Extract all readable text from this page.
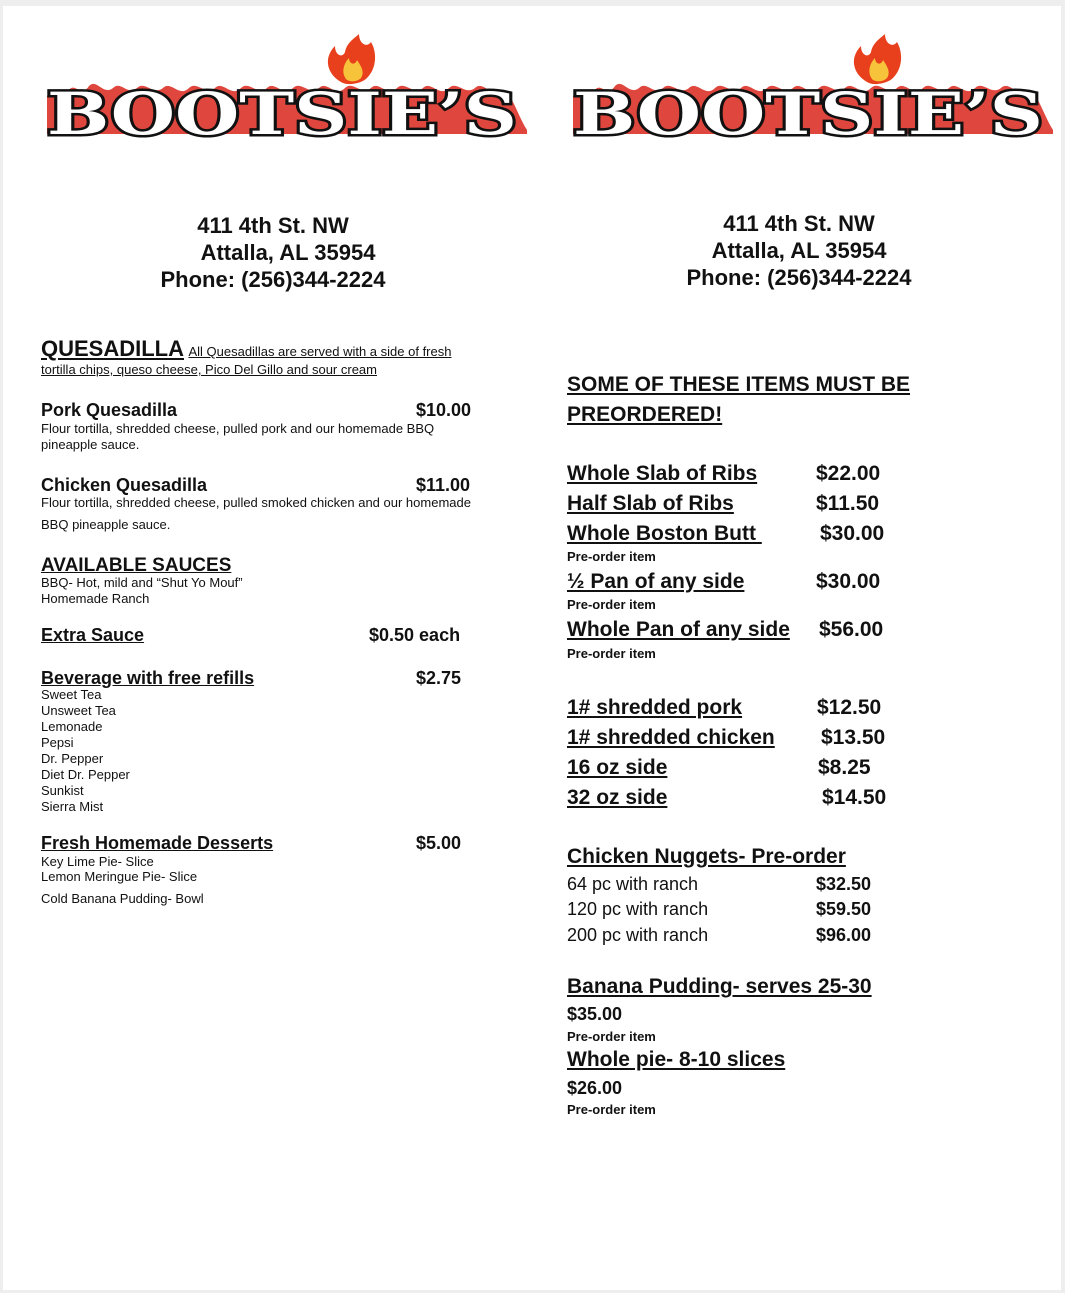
BOOTSIE’S
411 4th St. NW
Attalla, AL 35954
Phone: (256)344-2224
QUESADILLA All Quesadillas are served with a side of fresh
tortilla chips, queso cheese, Pico Del Gillo and sour cream
Pork Quesadilla	$10.00
Flour tortilla, shredded cheese, pulled pork and our homemade BBQ pineapple sauce.
Chicken Quesadilla	$11.00
Flour tortilla, shredded cheese, pulled smoked chicken and our homemade
BBQ pineapple sauce.
AVAILABLE SAUCES
BBQ- Hot, mild and “Shut Yo Mouf”
Homemade Ranch
Extra Sauce	$0.50 each
Beverage with free refills	$2.75
Sweet Tea
Unsweet Tea
Lemonade
Pepsi
Dr. Pepper
Diet Dr. Pepper
Sunkist
Sierra Mist
Fresh Homemade Desserts	$5.00
Key Lime Pie- Slice
Lemon Meringue Pie- Slice
Cold Banana Pudding- Bowl
BOOTSIE’S
411 4th St. NW
Attalla, AL 35954
Phone: (256)344-2224
SOME OF THESE ITEMS MUST BE PREORDERED!
Whole Slab of Ribs	$22.00
Half Slab of Ribs	$11.50
Whole Boston Butt	$30.00
Pre-order item
½ Pan of any side	$30.00
Pre-order item
Whole Pan of any side $56.00
Pre-order item
1# shredded pork	$12.50
1# shredded chicken $13.50
16 oz side	$8.25
32 oz side	$14.50
Chicken Nuggets- Pre-order
64 pc with ranch	$32.50
120 pc with ranch	$59.50
200 pc with ranch	$96.00
Banana Pudding- serves 25-30
$35.00
Pre-order item
Whole pie- 8-10 slices
$26.00
Pre-order item
